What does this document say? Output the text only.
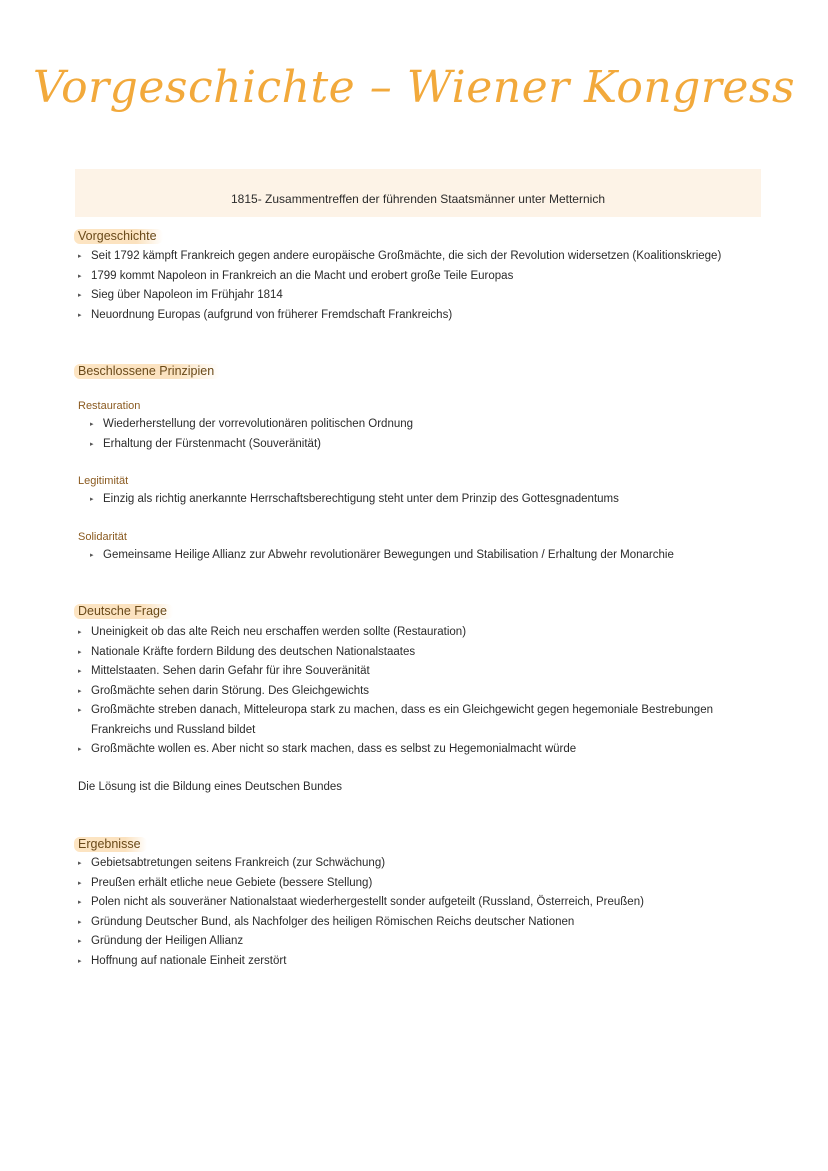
Vorgeschichte – Wiener Kongress
1815- Zusammentreffen der führenden Staatsmänner unter Metternich
Vorgeschichte
▸ Seit 1792 kämpft Frankreich gegen andere europäische Großmächte, die sich der Revolution widersetzen (Koalitionskriege)
▸ 1799 kommt Napoleon in Frankreich an die Macht und erobert große Teile Europas
▸ Sieg über Napoleon im Frühjahr 1814
▸ Neuordnung Europas (aufgrund von früherer Fremdschaft Frankreichs)
Beschlossene Prinzipien
Restauration
▸ Wiederherstellung der vorrevolutionären politischen Ordnung
▸ Erhaltung der Fürstenmacht (Souveränität)
Legitimität
▸ Einzig als richtig anerkannte Herrschaftsberechtigung steht unter dem Prinzip des Gottesgnadentums
Solidarität
▸ Gemeinsame Heilige Allianz zur Abwehr revolutionärer Bewegungen und Stabilisation / Erhaltung der Monarchie
Deutsche Frage
▸ Uneinigkeit ob das alte Reich neu erschaffen werden sollte (Restauration)
▸ Nationale Kräfte fordern Bildung des deutschen Nationalstaates
▸ Mittelstaaten. Sehen darin Gefahr für ihre Souveränität
▸ Großmächte sehen darin Störung. Des Gleichgewichts
▸ Großmächte streben danach, Mitteleuropa stark zu machen, dass es ein Gleichgewicht gegen hegemoniale Bestrebungen Frankreichs und Russland bildet
▸ Großmächte wollen es. Aber nicht so stark machen, dass es selbst zu Hegemonialmacht würde
Die Lösung ist die Bildung eines Deutschen Bundes
Ergebnisse
▸ Gebietsabtretungen seitens Frankreich (zur Schwächung)
▸ Preußen erhält etliche neue Gebiete (bessere Stellung)
▸ Polen nicht als souveräner Nationalstaat wiederhergestellt sonder aufgeteilt (Russland, Österreich, Preußen)
▸ Gründung Deutscher Bund, als Nachfolger des heiligen Römischen Reichs deutscher Nationen
▸ Gründung der Heiligen Allianz
▸ Hoffnung auf nationale Einheit zerstört
